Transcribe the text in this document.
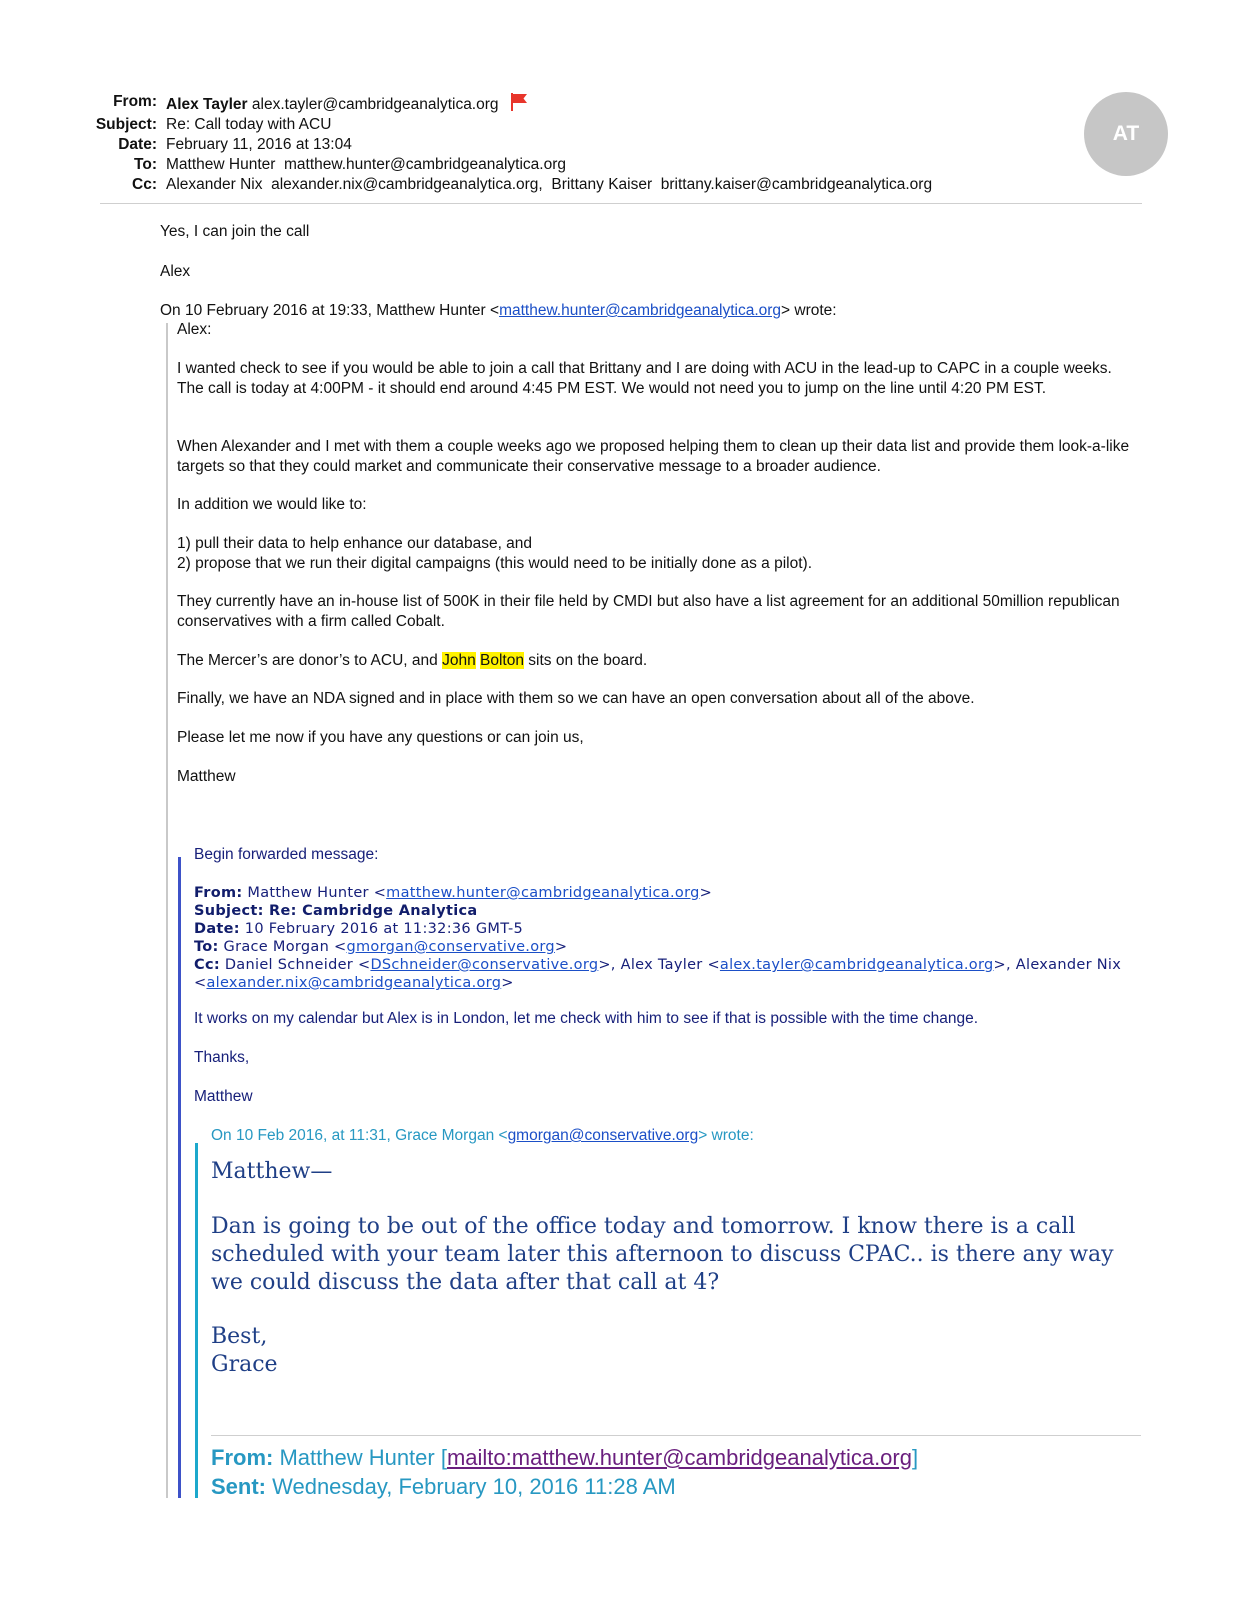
From: Alex Tayler alex.tayler@cambridgeanalytica.org
Subject: Re: Call today with ACU
Date: February 11, 2016 at 13:04
To: Matthew Hunter  matthew.hunter@cambridgeanalytica.org
Cc: Alexander Nix  alexander.nix@cambridgeanalytica.org,  Brittany Kaiser  brittany.kaiser@cambridgeanalytica.org
AT

Yes, I can join the call

Alex

On 10 February 2016 at 19:33, Matthew Hunter <matthew.hunter@cambridgeanalytica.org> wrote:

Alex:

I wanted check to see if you would be able to join a call that Brittany and I are doing with ACU in the lead-up to CAPC in a couple weeks. The call is today at 4:00PM - it should end around 4:45 PM EST. We would not need you to jump on the line until 4:20 PM EST.

When Alexander and I met with them a couple weeks ago we proposed helping them to clean up their data list and provide them look-a-like targets so that they could market and communicate their conservative message to a broader audience.

In addition we would like to:

1) pull their data to help enhance our database, and

2) propose that we run their digital campaigns (this would need to be initially done as a pilot).

They currently have an in-house list of 500K in their file held by CMDI but also have a list agreement for an additional 50million republican conservatives with a firm called Cobalt.

The Mercer’s are donor’s to ACU, and John Bolton sits on the board.

Finally, we have an NDA signed and in place with them so we can have an open conversation about all of the above.

Please let me now if you have any questions or can join us,

Matthew

Begin forwarded message:

From: Matthew Hunter <matthew.hunter@cambridgeanalytica.org>
Subject: Re: Cambridge Analytica
Date: 10 February 2016 at 11:32:36 GMT-5
To: Grace Morgan <gmorgan@conservative.org>
Cc: Daniel Schneider <DSchneider@conservative.org>, Alex Tayler <alex.tayler@cambridgeanalytica.org>, Alexander Nix
<alexander.nix@cambridgeanalytica.org>

It works on my calendar but Alex is in London, let me check with him to see if that is possible with the time change.

Thanks,

Matthew

On 10 Feb 2016, at 11:31, Grace Morgan <gmorgan@conservative.org> wrote:

Matthew—

Dan is going to be out of the office today and tomorrow. I know there is a call scheduled with your team later this afternoon to discuss CPAC.. is there any way we could discuss the data after that call at 4?

Best,

Grace

From: Matthew Hunter [mailto:matthew.hunter@cambridgeanalytica.org]
Sent: Wednesday, February 10, 2016 11:28 AM
